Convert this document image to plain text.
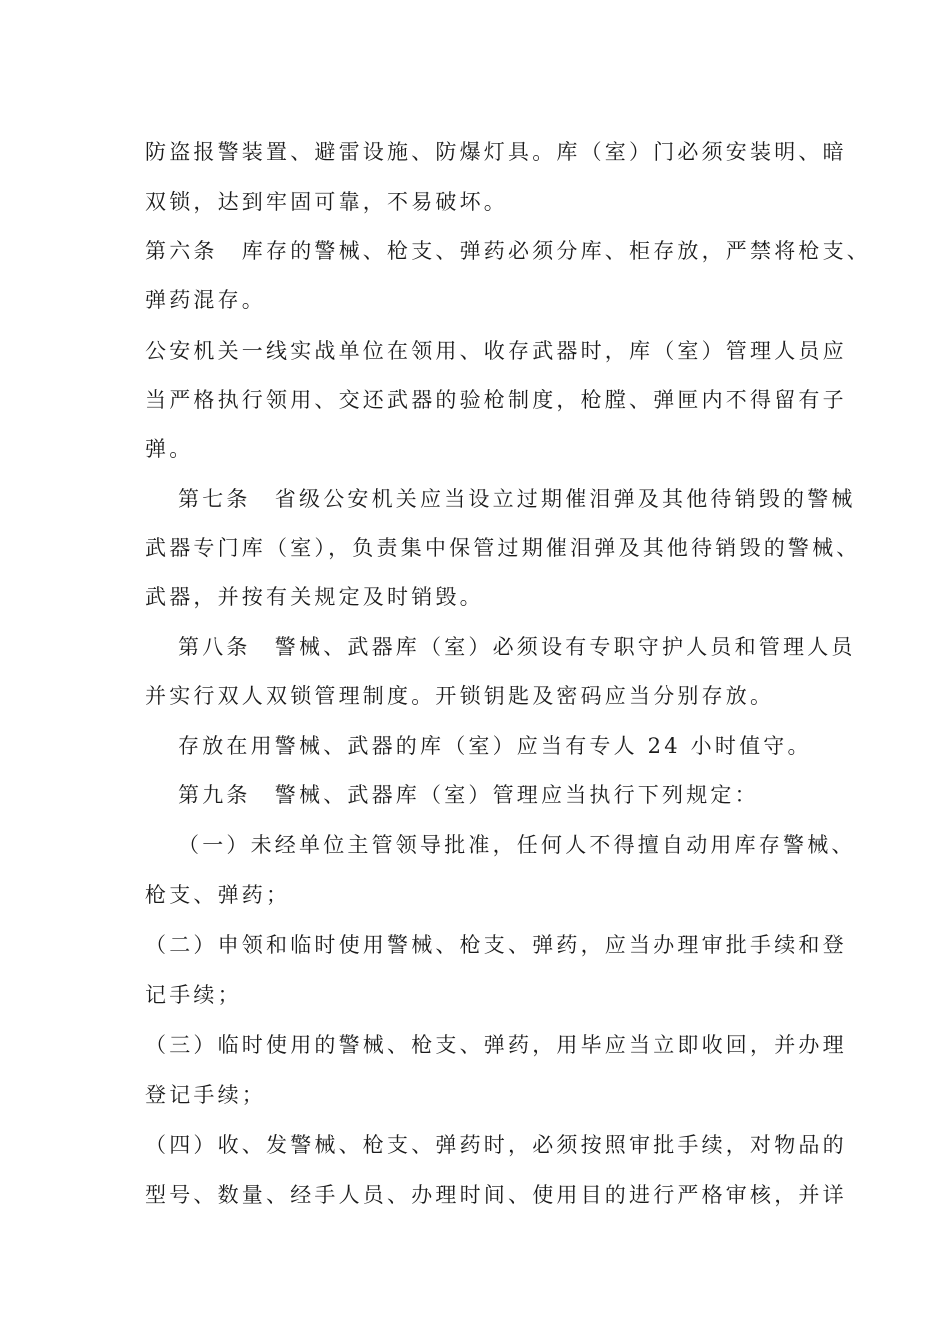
防盗报警装置、避雷设施、防爆灯具。库（室）门必须安装明、暗
双锁，达到牢固可靠，不易破坏。
第六条　库存的警械、枪支、弹药必须分库、柜存放，严禁将枪支、
弹药混存。
公安机关一线实战单位在领用、收存武器时，库（室）管理人员应
当严格执行领用、交还武器的验枪制度，枪膛、弹匣内不得留有子
弹。
第七条　省级公安机关应当设立过期催泪弹及其他待销毁的警械
武器专门库（室），负责集中保管过期催泪弹及其他待销毁的警械、
武器，并按有关规定及时销毁。
第八条　警械、武器库（室）必须设有专职守护人员和管理人员
并实行双人双锁管理制度。开锁钥匙及密码应当分别存放。
存放在用警械、武器的库（室）应当有专人 24 小时值守。
第九条　警械、武器库（室）管理应当执行下列规定：
（一）未经单位主管领导批准，任何人不得擅自动用库存警械、
枪支、弹药；
（二）申领和临时使用警械、枪支、弹药，应当办理审批手续和登
记手续；
（三）临时使用的警械、枪支、弹药，用毕应当立即收回，并办理
登记手续；
（四）收、发警械、枪支、弹药时，必须按照审批手续，对物品的
型号、数量、经手人员、办理时间、使用目的进行严格审核，并详
